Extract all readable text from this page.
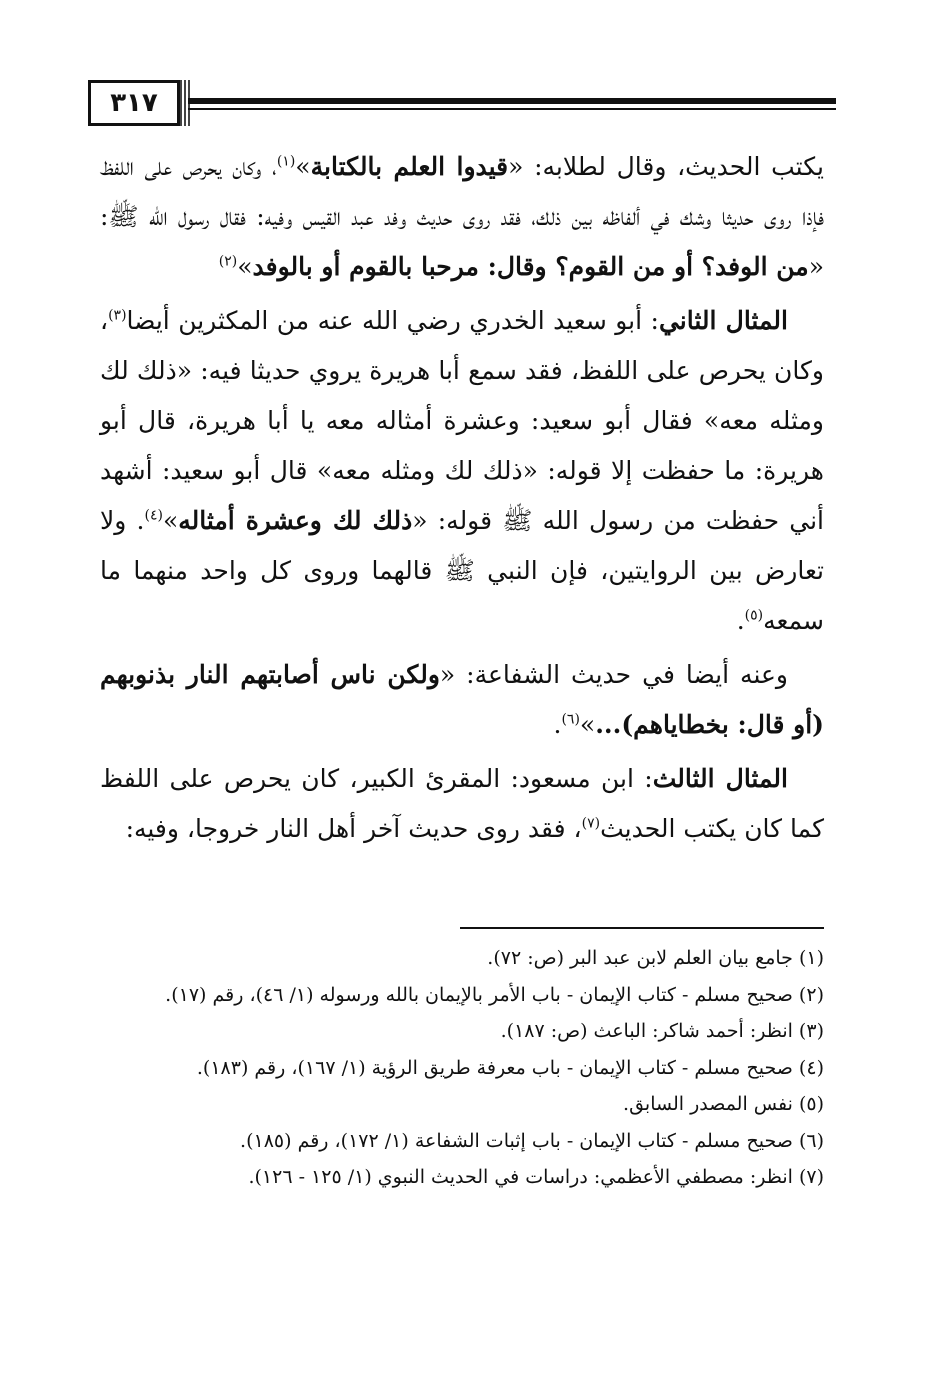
٣١٧

يكتب الحديث، وقال لطلابه: «قيدوا العلم بالكتابة»$^{(١)}$، وكان يحرص على اللفظ فإذا روى حديثا وشك في ألفاظه بين ذلك، فقد روى حديث وفد عبد القيس وفيه: فقال رسول الله ﷺ: «من الوفد؟ أو من القوم؟ وقال: مرحبا بالقوم أو بالوفد»$^{(٢)}$

المثال الثاني: أبو سعيد الخدري رضي الله عنه من المكثرين أيضا$^{(٣)}$، وكان يحرص على اللفظ، فقد سمع أبا هريرة يروي حديثا فيه: «ذلك لك ومثله معه» فقال أبو سعيد: وعشرة أمثاله معه يا أبا هريرة، قال أبو هريرة: ما حفظت إلا قوله: «ذلك لك ومثله معه» قال أبو سعيد: أشهد أني حفظت من رسول الله ﷺ قوله: «ذلك لك وعشرة أمثاله»$^{(٤)}$. ولا تعارض بين الروايتين، فإن النبي ﷺ قالهما وروى كل واحد منهما ما سمعه$^{(٥)}$.

وعنه أيضا في حديث الشفاعة: «ولكن ناس أصابتهم النار بذنوبهم (أو قال: بخطاياهم)...»$^{(٦)}$.

المثال الثالث: ابن مسعود: المقرئ الكبير، كان يحرص على اللفظ كما كان يكتب الحديث$^{(٧)}$، فقد روى حديث آخر أهل النار خروجا، وفيه:

(١) جامع بيان العلم لابن عبد البر (ص: ٧٢).
(٢) صحيح مسلم - كتاب الإيمان - باب الأمر بالإيمان بالله ورسوله (١/ ٤٦)، رقم (١٧).
(٣) انظر: أحمد شاكر: الباعث (ص: ١٨٧).
(٤) صحيح مسلم - كتاب الإيمان - باب معرفة طريق الرؤية (١/ ١٦٧)، رقم (١٨٣).
(٥) نفس المصدر السابق.
(٦) صحيح مسلم - كتاب الإيمان - باب إثبات الشفاعة (١/ ١٧٢)، رقم (١٨٥).
(٧) انظر: مصطفي الأعظمي: دراسات في الحديث النبوي (١/ ١٢٥ - ١٢٦).
